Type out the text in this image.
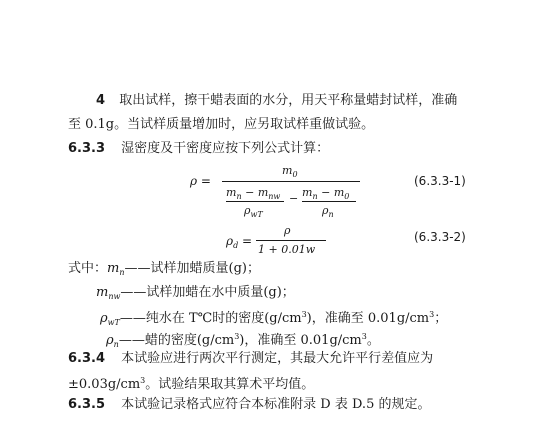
4 取出试样，擦干蜡表面的水分，用天平称量蜡封试样，准确
至 0.1g。当试样质量增加时，应另取试样重做试验。
6.3.3 湿密度及干密度应按下列公式计算：
ρ =
$m_0$
$m_n - m_{nw}$
$\rho_{wT}$
− $m_n - m_0$
$\rho_n$
(6.3.3-1)
$\rho_d$ =
ρ
1 + 0.01w
(6.3.3-2)
式中：$m_n——$试样加蜡质量(g)；
$m_{nw}——$试样加蜡在水中质量(g)；
$\rho_{wT}——$纯水在 T℃时的密度$(g/cm^3)$，准确至 $0.01g/cm^3$；
$\rho_n——$蜡的密度$(g/cm^3)$，准确至 $0.01g/cm^3$。
6.3.4 本试验应进行两次平行测定，其最大允许平行差值应为
$\pm 0.03g/cm^3$。试验结果取其算术平均值。
6.3.5 本试验记录格式应符合本标准附录 D 表 D.5 的规定。
